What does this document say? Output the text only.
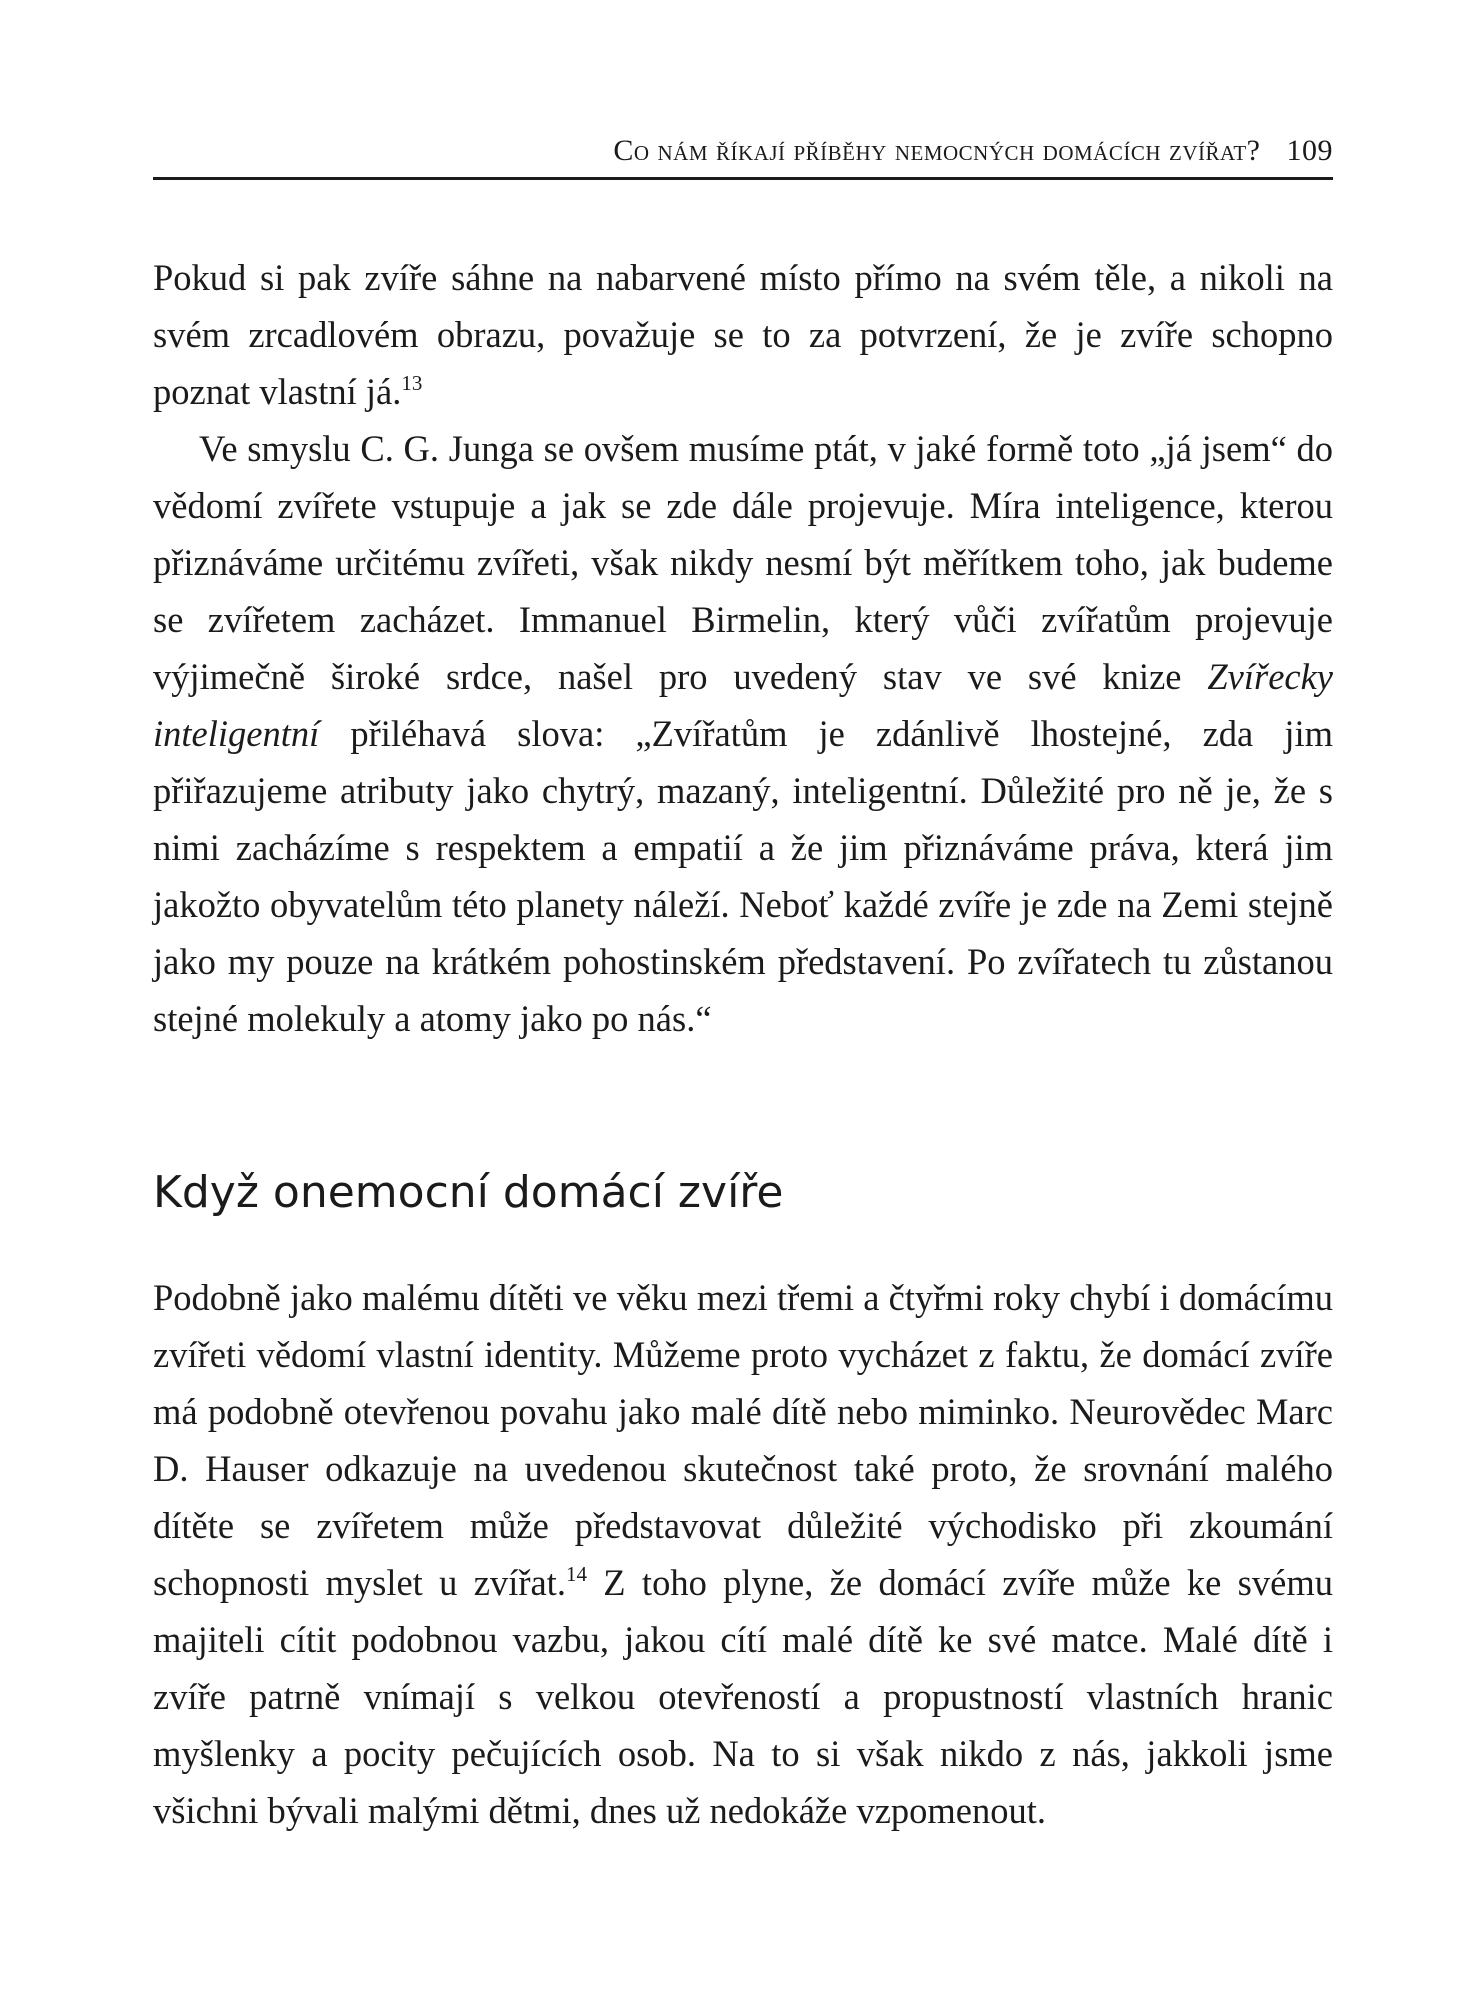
Co nám říkají příběhy nemocných domácích zvířat? 109

Pokud si pak zvíře sáhne na nabarvené místo přímo na svém těle, a nikoli na svém zrcadlovém obrazu, považuje se to za potvrzení, že je zvíře schopno poznat vlastní já.$^{13}$

Ve smyslu C. G. Junga se ovšem musíme ptát, v jaké formě toto „já jsem“ do vědomí zvířete vstupuje a jak se zde dále projevuje. Míra inteligence, kterou přiznáváme určitému zvířeti, však nikdy nesmí být měřítkem toho, jak budeme se zvířetem zacházet. Immanuel Birmelin, který vůči zvířatům projevuje výjimečně široké srdce, našel pro uvedený stav ve své knize Zvířecky inteligentní přiléhavá slova: „Zvířatům je zdánlivě lhostejné, zda jim přiřazujeme atributy jako chytrý, mazaný, inteligentní. Důležité pro ně je, že s nimi zacházíme s respektem a empatií a že jim přiznáváme práva, která jim jakožto obyvatelům této planety náleží. Neboť každé zvíře je zde na Zemi stejně jako my pouze na krátkém pohostinském představení. Po zvířatech tu zůstanou stejné molekuly a atomy jako po nás.“

Když onemocní domácí zvíře

Podobně jako malému dítěti ve věku mezi třemi a čtyřmi roky chybí i domácímu zvířeti vědomí vlastní identity. Můžeme proto vycházet z faktu, že domácí zvíře má podobně otevřenou povahu jako malé dítě nebo miminko. Neurovědec Marc D. Hauser odkazuje na uvedenou skutečnost také proto, že srovnání malého dítěte se zvířetem může představovat důležité východisko při zkoumání schopnosti myslet u zvířat.$^{14}$ Z toho plyne, že domácí zvíře může ke svému majiteli cítit podobnou vazbu, jakou cítí malé dítě ke své matce. Malé dítě i zvíře patrně vnímají s velkou otevřeností a propustností vlastních hranic myšlenky a pocity pečujících osob. Na to si však nikdo z nás, jakkoli jsme všichni bývali malými dětmi, dnes už nedokáže vzpomenout.
